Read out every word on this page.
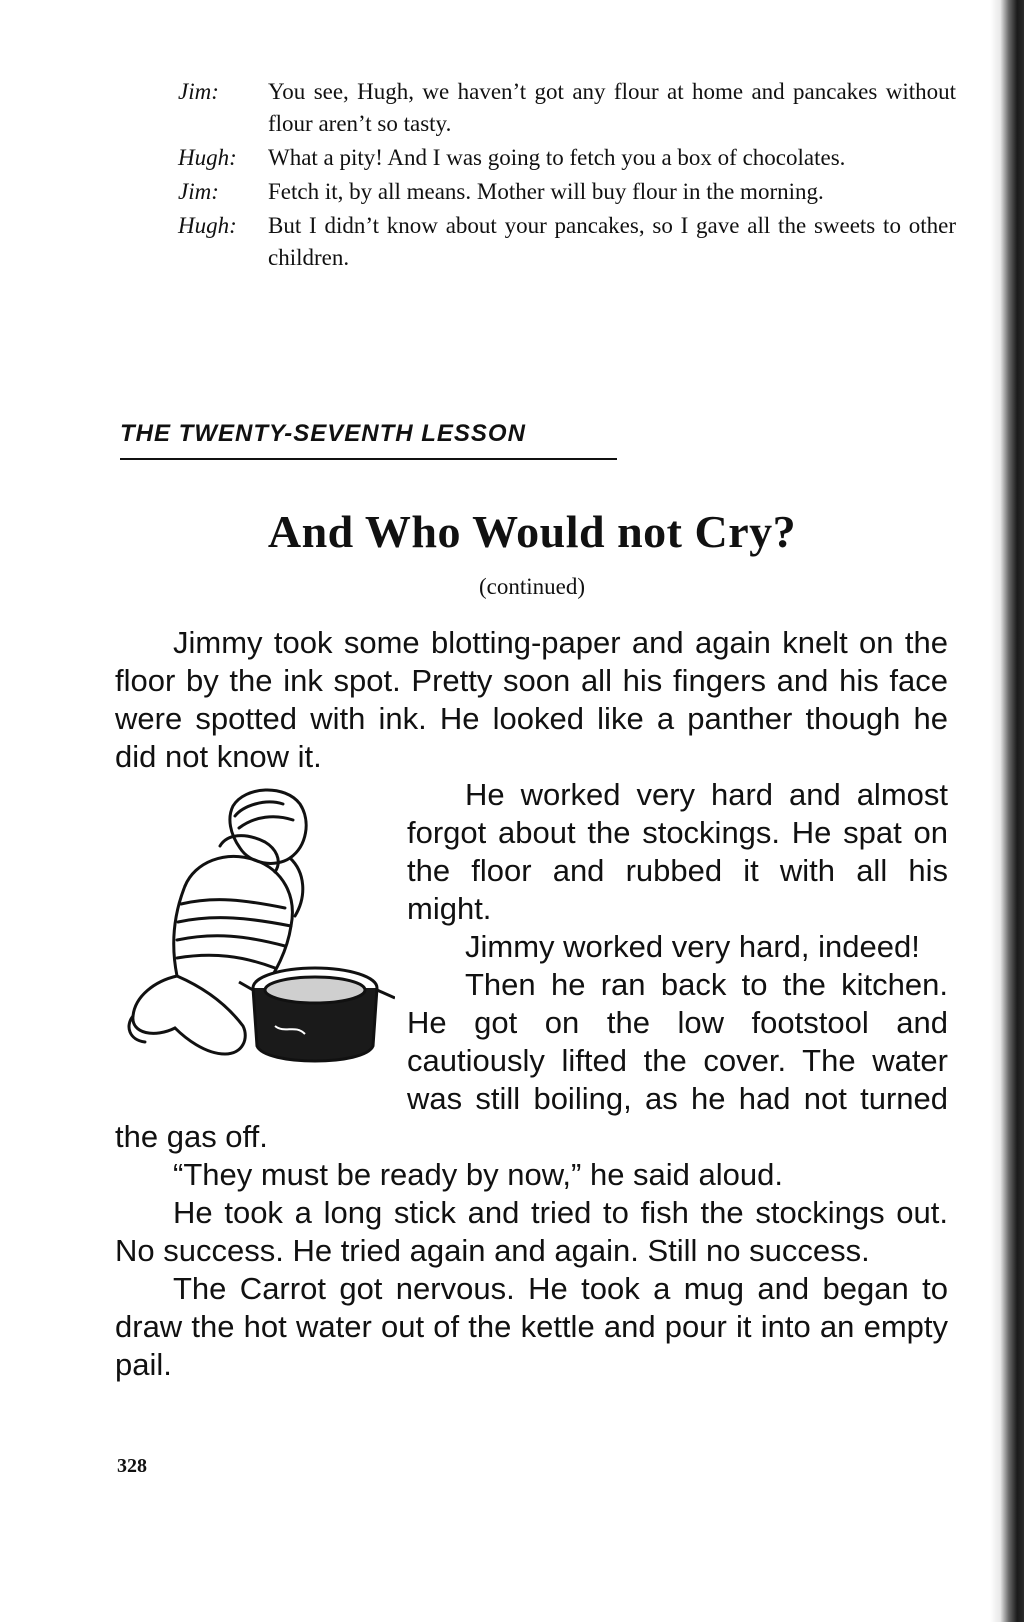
Jim:	You see, Hugh, we haven’t got any flour at home and pancakes without flour aren’t so tasty.
Hugh:	What a pity! And I was going to fetch you a box of chocolates.
Jim:	Fetch it, by all means. Mother will buy flour in the morning.
Hugh:	But I didn’t know about your pancakes, so I gave all the sweets to other children.
THE TWENTY-SEVENTH LESSON
And Who Would not Cry?
(continued)

Jimmy took some blotting-paper and again knelt on the floor by the ink spot. Pretty soon all his fingers and his face were spotted with ink. He looked like a panther though he did not know it.

He worked very hard and almost forgot about the stockings. He spat on the floor and rubbed it with all his might.

Jimmy worked very hard, indeed!

Then he ran back to the kitchen. He got on the low footstool and cautiously lifted the cover. The water was still boiling, as he had not turned the gas off.

“They must be ready by now,” he said aloud.

He took a long stick and tried to fish the stockings out. No success. He tried again and again. Still no success.

The Carrot got nervous. He took a mug and began to draw the hot water out of the kettle and pour it into an empty pail.

328
